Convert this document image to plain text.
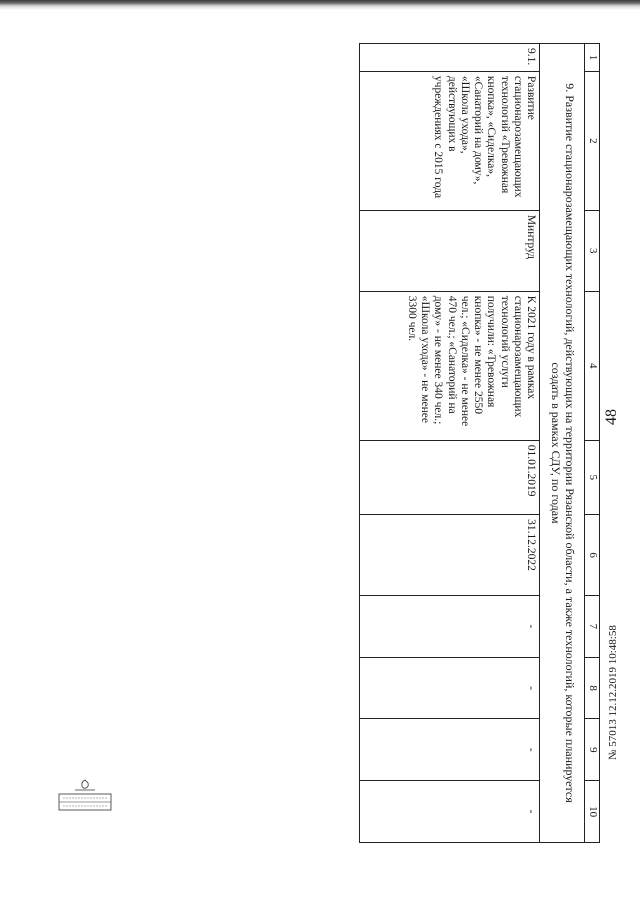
48
1	2	3	4	5	6	7	8	9	10
9. Развитие стационарозамещающих технологий, действующих на территории Рязанской области, а также технологий, которые планируется создать в рамках СДУ, по годам									
9.1.	Развитие стационарозамещающих технологий «Тревожная кнопка», «Сиделка», «Санаторий на дому», «Школа ухода», действующих в учреждениях с 2015 года	Минтруд	К 2021 году в рамках стационарозамещающих технологий услуги получили: «Тревожная кнопка» - не менее 2550 чел.; «Сиделка» - не менее 470 чел.; «Санаторий на дому» - не менее 340 чел.; «Школа ухода» - не менее 3300 чел.	01.01.2019	31.12.2022	-	-	-	-
№ 57013 12.12.2019 10:48:58
